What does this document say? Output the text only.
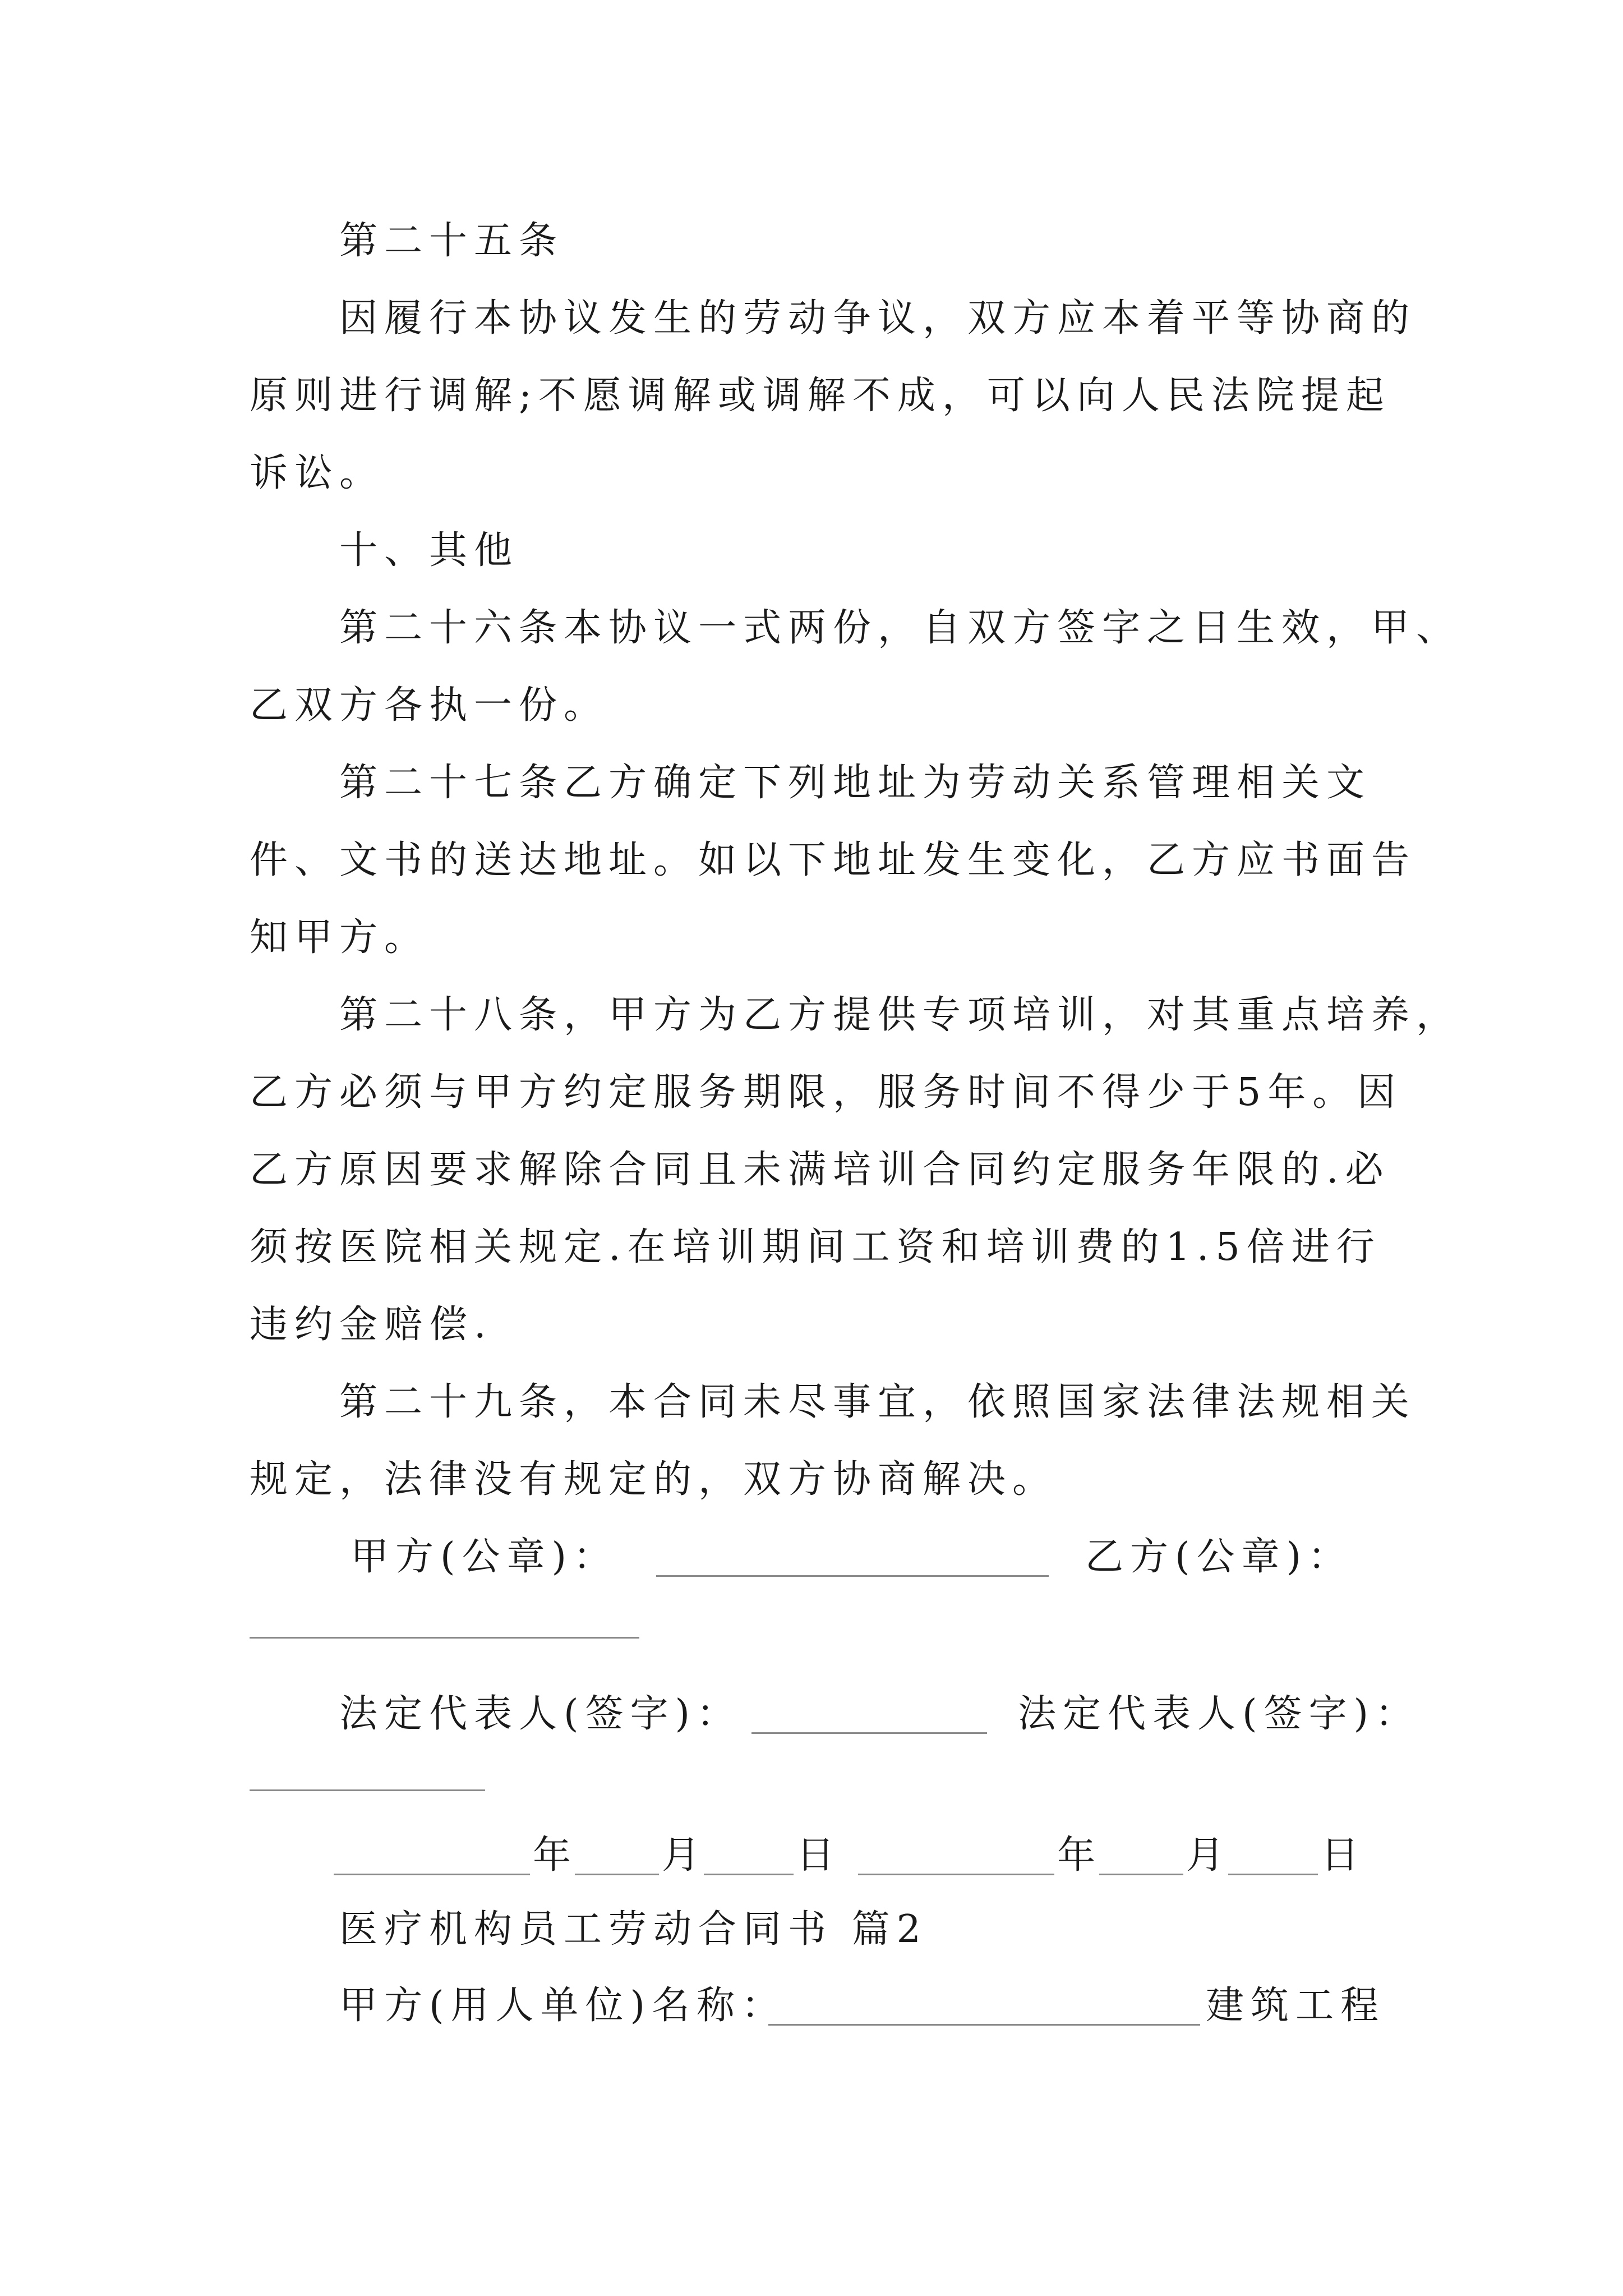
第二十五条
因履行本协议发生的劳动争议，双方应本着平等协商的
原则进行调解;不愿调解或调解不成，可以向人民法院提起
诉讼。
十、其他
第二十六条本协议一式两份，自双方签字之日生效，甲、
乙双方各执一份。
第二十七条乙方确定下列地址为劳动关系管理相关文
件、文书的送达地址。如以下地址发生变化，乙方应书面告
知甲方。
第二十八条，甲方为乙方提供专项培训，对其重点培养，
乙方必须与甲方约定服务期限，服务时间不得少于5年。因
乙方原因要求解除合同且未满培训合同约定服务年限的.必
须按医院相关规定.在培训期间工资和培训费的1.5倍进行
违约金赔偿.
第二十九条，本合同未尽事宜，依照国家法律法规相关
规定，法律没有规定的，双方协商解决。
甲方(公章)：	乙方(公章)：
法定代表人(签字)：	法定代表人(签字)：
年 月 日	年 月 日
医疗机构员工劳动合同书 篇2
甲方(用人单位)名称：	建筑工程
